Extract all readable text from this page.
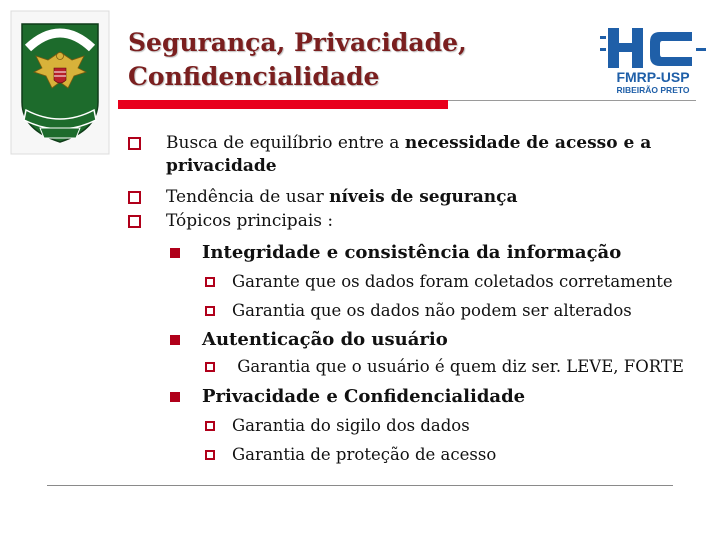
Segurança, Privacidade,
Confidencialidade	FMRP-USP
RIBEIRÃO PRETO
Busca de equilíbrio entre a necessidade de acesso e a
privacidade
Tendência de usar níveis de segurança
Tópicos principais :
Integridade e consistência da informação
Garante que os dados foram coletados corretamente
Garantia que os dados não podem ser alterados
Autenticação do usuário
Garantia que o usuário é quem diz ser. LEVE, FORTE
Privacidade e Confidencialidade
Garantia do sigilo dos dados
Garantia de proteção de acesso
